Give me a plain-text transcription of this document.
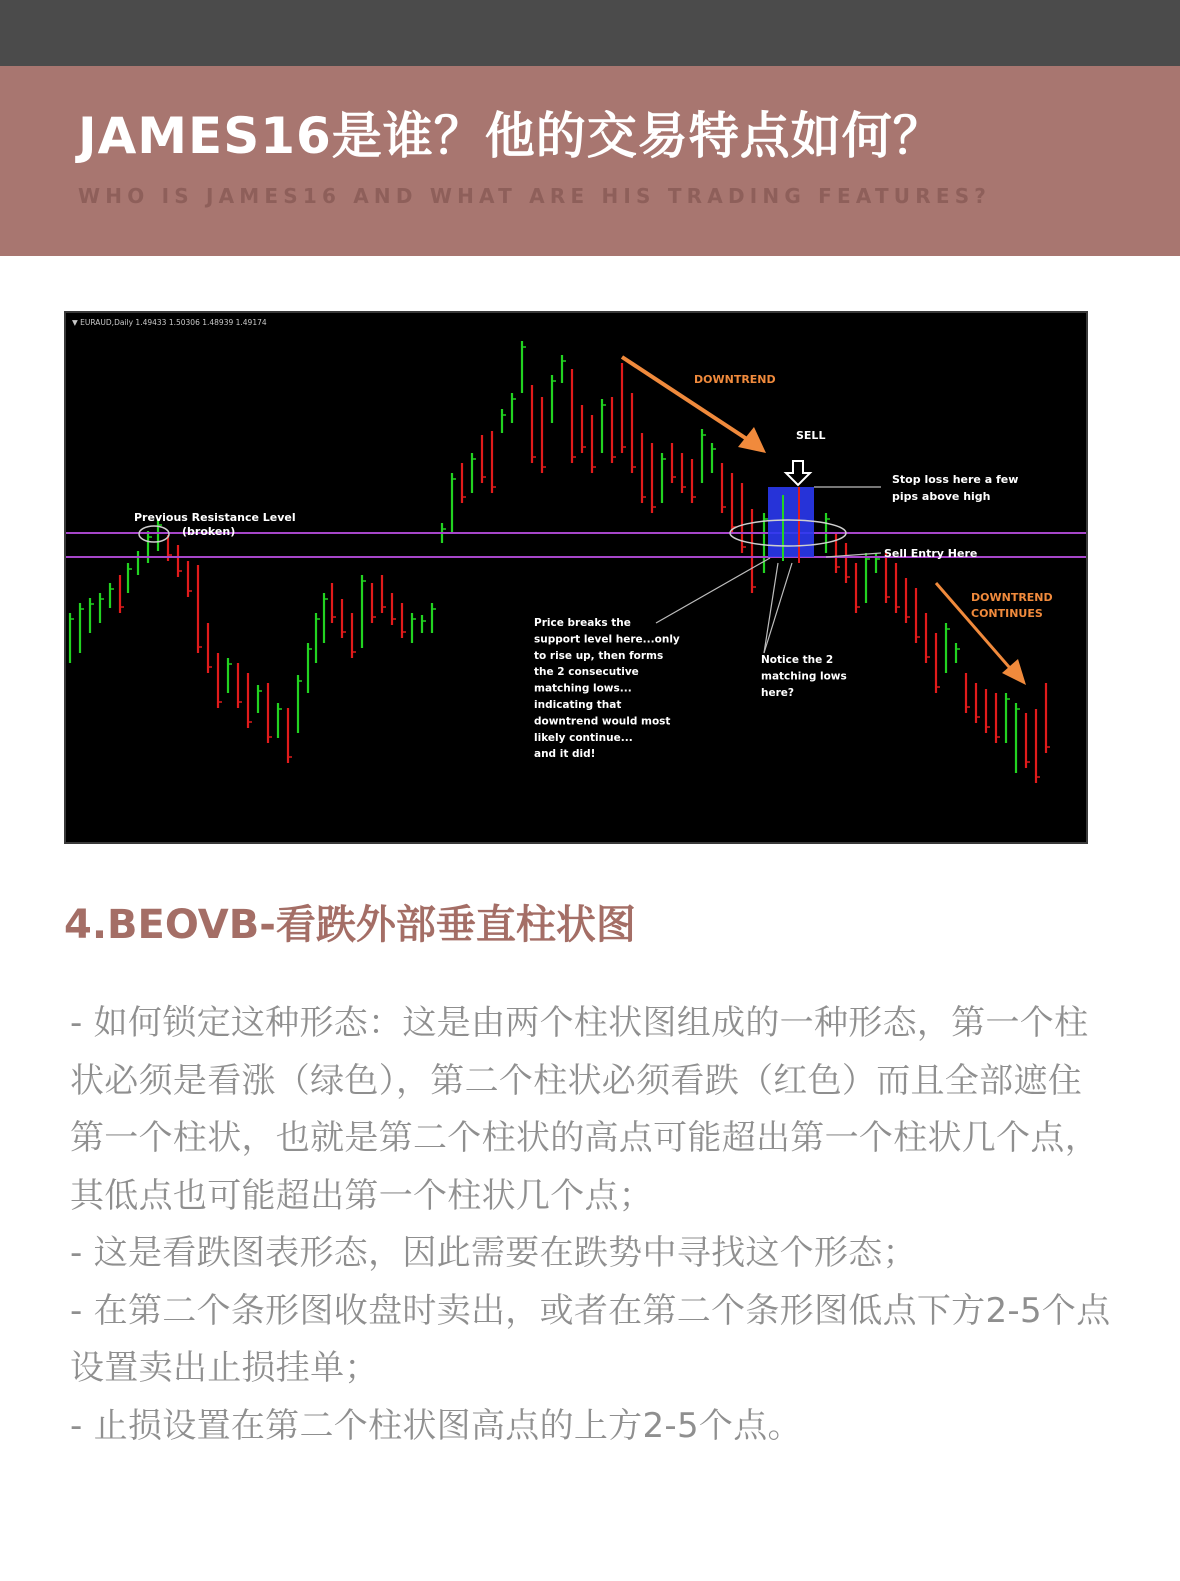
JAMES16是谁？他的交易特点如何？
WHO IS JAMES16 AND WHAT ARE HIS TRADING FEATURES?
▼ EURAUD,Daily 1.49433 1.50306 1.48939 1.49174
DOWNTREND
SELL
Stop loss here a few
pips above high
Previous Resistance Level
(broken)
Sell Entry Here
DOWNTREND
CONTINUES
Price breaks the
support level here...only
to rise up, then forms
the 2 consecutive
matching lows...
indicating that
downtrend would most
likely continue...
and it did!
Notice the 2
matching lows
here?
4.BEOVB-看跌外部垂直柱状图

- 如何锁定这种形态：这是由两个柱状图组成的一种形态，第一个柱状必须是看涨（绿色），第二个柱状必须看跌（红色）而且全部遮住第一个柱状，也就是第二个柱状的高点可能超出第一个柱状几个点，其低点也可能超出第一个柱状几个点；

- 这是看跌图表形态，因此需要在跌势中寻找这个形态；

- 在第二个条形图收盘时卖出，或者在第二个条形图低点下方2-5个点设置卖出止损挂单；

- 止损设置在第二个柱状图高点的上方2-5个点。
